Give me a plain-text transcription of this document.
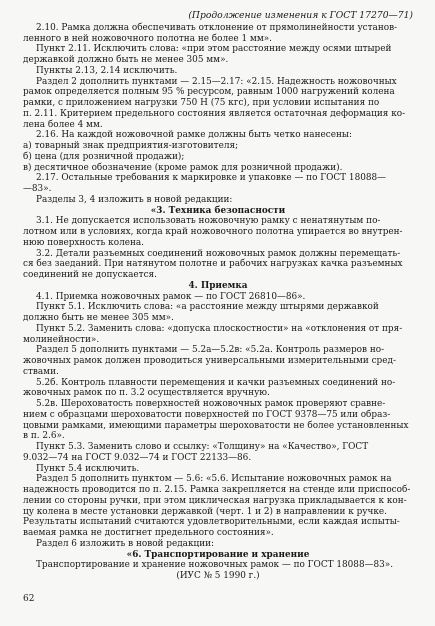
(Продолжение изменения к ГОСТ 17270—71)
2.10. Рамка должна обеспечивать отклонение от прямолинейности установ-
ленного в ней ножовочного полотна не более 1 мм».
Пункт 2.11. Исключить слова: «при этом расстояние между осями штырей
державкой должно быть не менее 305 мм».
Пункты 2.13, 2.14 исключить.
Раздел 2 дополнить пунктами — 2.15—2.17: «2.15. Надежность ножовочных
рамок определяется полным 95 % ресурсом, равным 1000 нагружений колена
рамки, с приложением нагрузки 750 Н (75 кгс), при условии испытания по
п. 2.11. Критерием предельного состояния является остаточная деформация ко-
лена более 4 мм.
2.16. На каждой ножовочной рамке должны быть четко нанесены:
а) товарный знак предприятия-изготовителя;
б) цена (для розничной продажи);
в) десятичное обозначение (кроме рамок для розничной продажи).
2.17. Остальные требования к маркировке и упаковке — по ГОСТ 18088—
—83».
Разделы 3, 4 изложить в новой редакции:
«3. Техника безопасности
3.1. Не допускается использовать ножовочную рамку с ненатянутым по-
лотном или в условиях, когда край ножовочного полотна упирается во внутрен-
нюю поверхность колена.
3.2. Детали разъемных соединений ножовочных рамок должны перемещать-
ся без заеданий. При натянутом полотне и рабочих нагрузках качка разъемных
соединений не допускается.
4. Приемка
4.1. Приемка ножовочных рамок — по ГОСТ 26810—86».
Пункт 5.1. Исключить слова: «а расстояние между штырями державкой
должно быть не менее 305 мм».
Пункт 5.2. Заменить слова: «допуска плоскостности» на «отклонения от пря-
молинейности».
Раздел 5 дополнить пунктами — 5.2а—5.2в: «5.2а. Контроль размеров но-
жовочных рамок должен проводиться универсальными измерительными сред-
ствами.
5.2б. Контроль плавности перемещения и качки разъемных соединений но-
жовочных рамок по п. 3.2 осуществляется вручную.
5.2в. Шероховатость поверхностей ножовочных рамок проверяют сравне-
нием с образцами шероховатости поверхностей по ГОСТ 9378—75 или образ-
цовыми рамками, имеющими параметры шероховатости не более установленных
в п. 2.6».
Пункт 5.3. Заменить слово и ссылку: «Толщину» на «Качество», ГОСТ
9.032—74 на ГОСТ 9.032—74 и ГОСТ 22133—86.
Пункт 5.4 исключить.
Раздел 5 дополнить пунктом — 5.6: «5.6. Испытание ножовочных рамок на
надежность проводится по п. 2.15. Рамка закрепляется на стенде или приспособ-
лении со стороны ручки, при этом циклическая нагрузка прикладывается к кон-
цу колена в месте установки державкой (черт. 1 и 2) в направлении к ручке.
Результаты испытаний считаются удовлетворительными, если каждая испыты-
ваемая рамка не достигнет предельного состояния».
Раздел 6 изложить в новой редакции:
«6. Транспортирование и хранение
Транспортирование и хранение ножовочных рамок — по ГОСТ 18088—83».
(ИУС № 5 1990 г.)
62
